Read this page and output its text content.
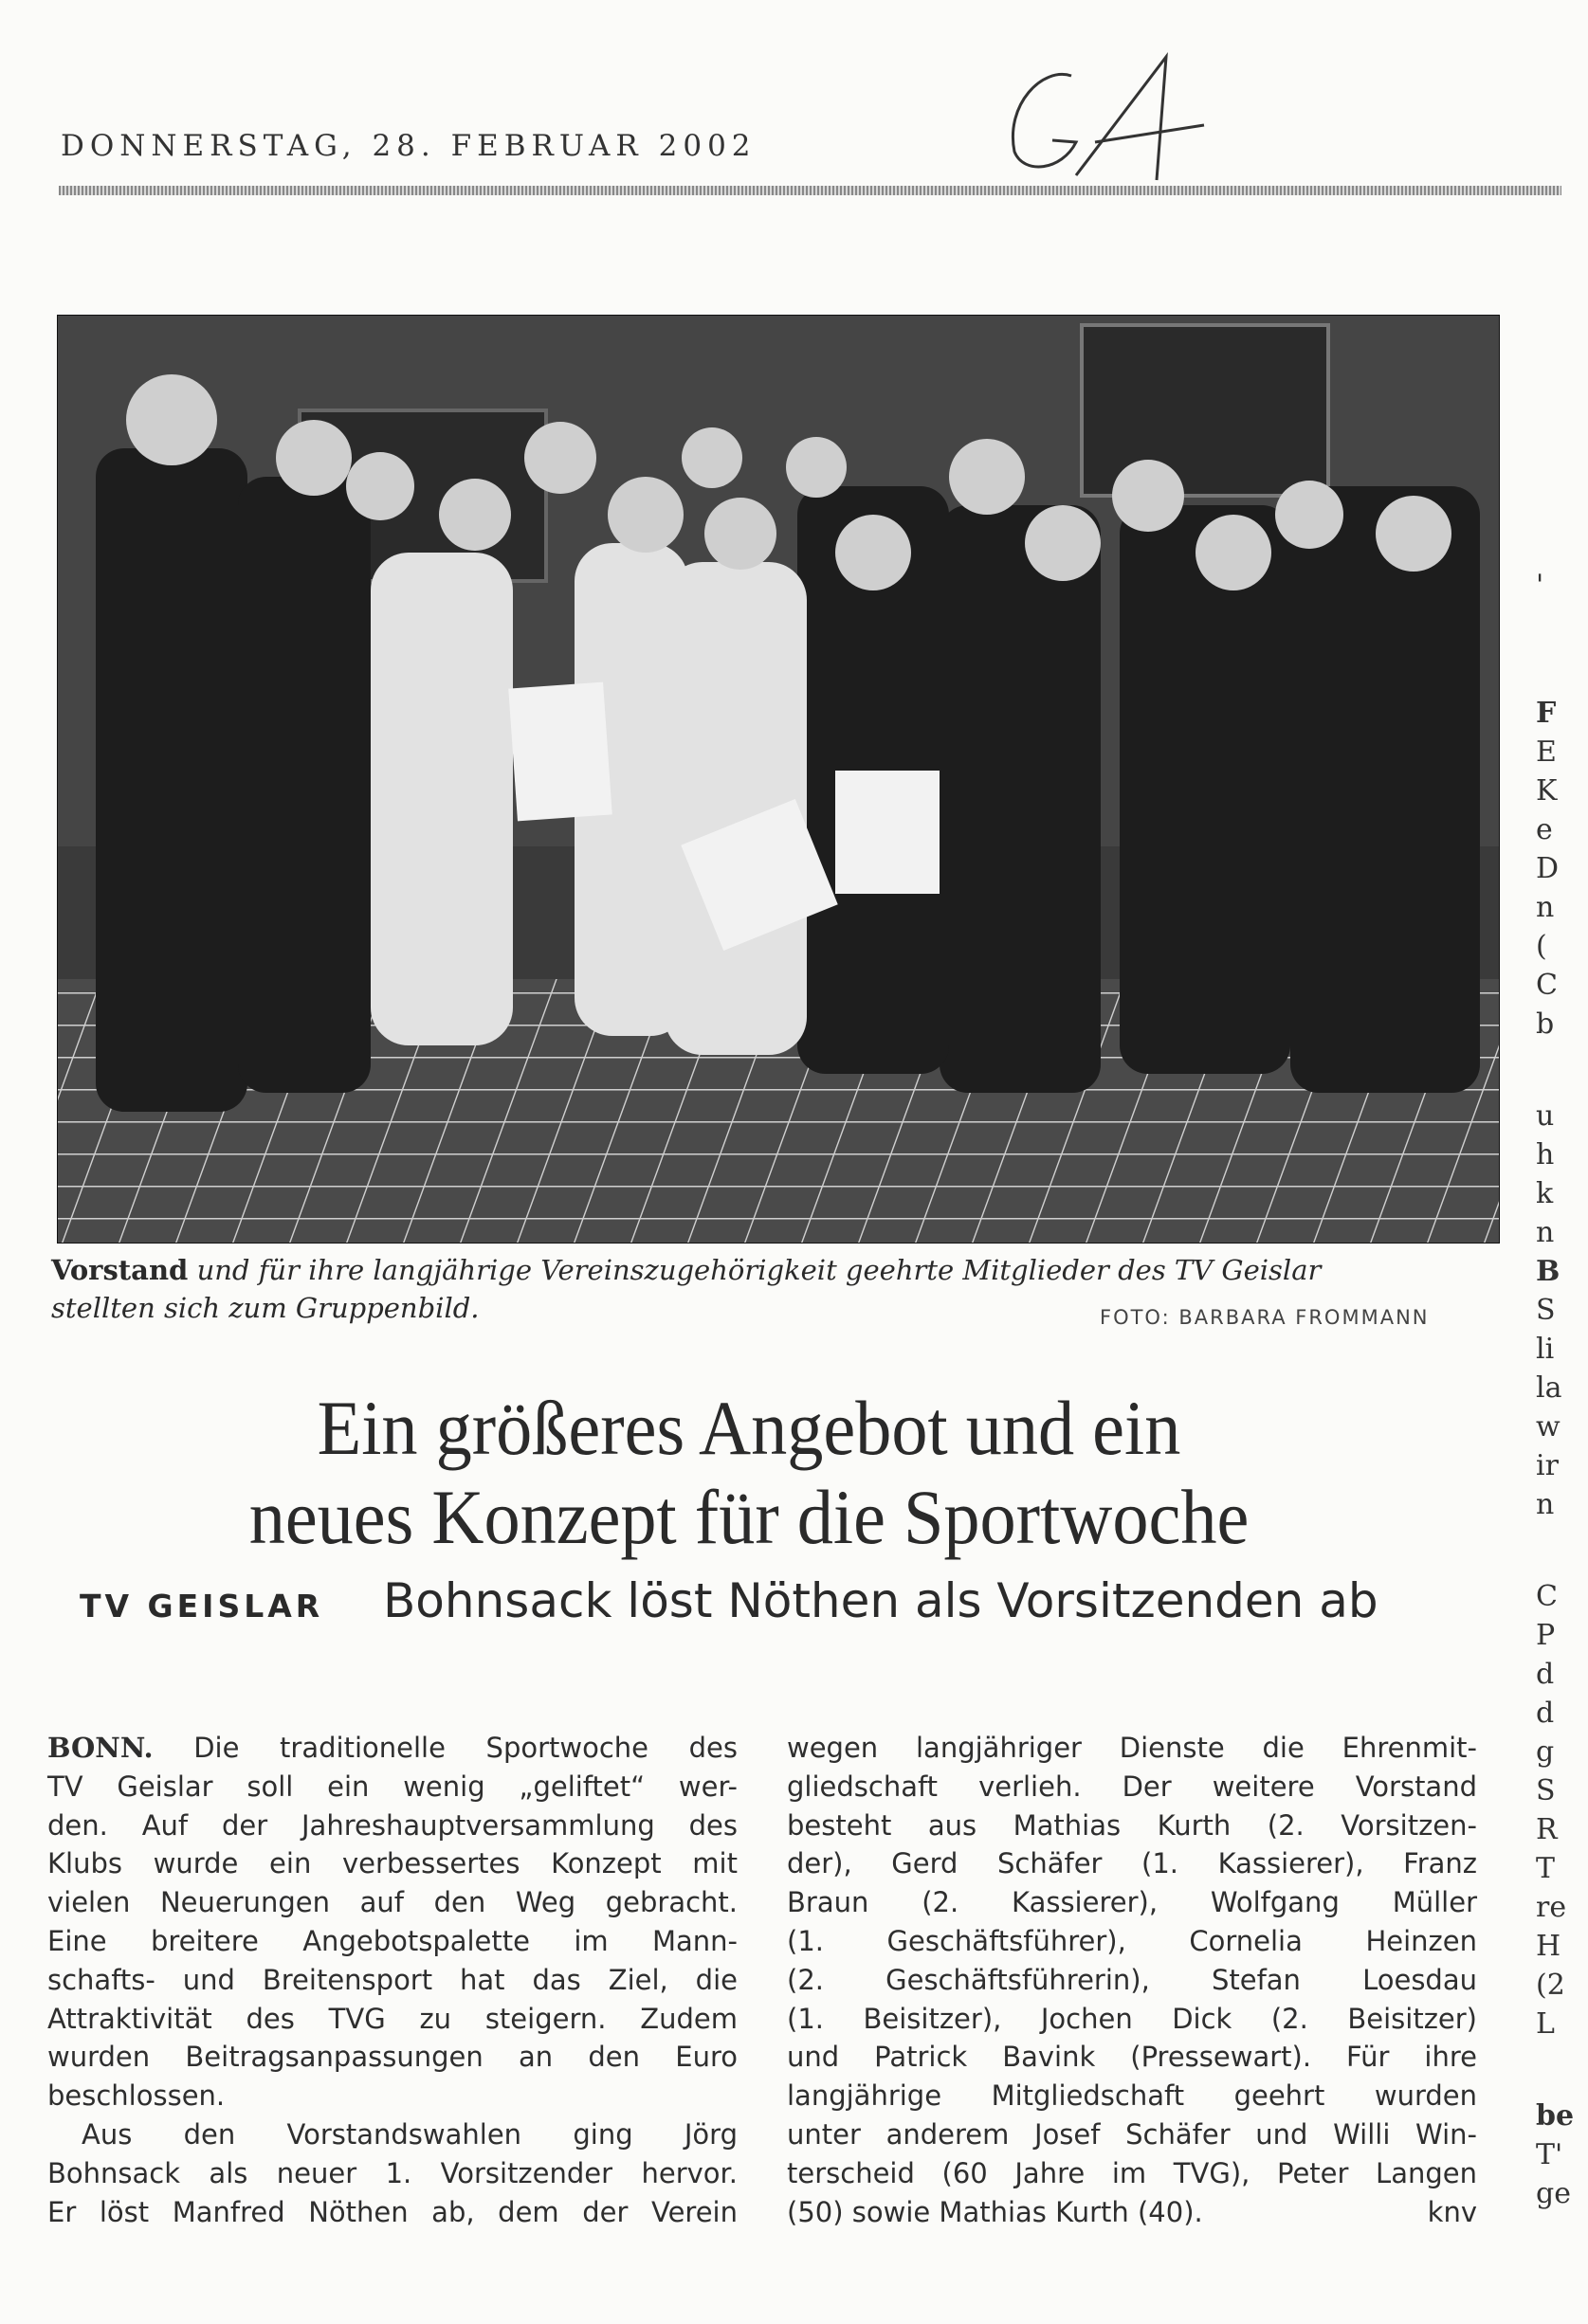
DONNERSTAG, 28. FEBRUAR 2002
Vorstand und für ihre langjährige Vereinszugehörigkeit geehrte Mitglieder des TV Geislar
stellten sich zum Gruppenbild.	FOTO: BARBARA FROMMANN
Ein größeres Angebot und ein
neues Konzept für die Sportwoche
TV GEISLAR Bohnsack löst Nöthen als Vorsitzenden ab

BONN. Die traditionelle Sportwoche des

TV Geislar soll ein wenig „geliftet“ wer-

den. Auf der Jahreshauptversammlung des

Klubs wurde ein verbessertes Konzept mit

vielen Neuerungen auf den Weg gebracht.

Eine breitere Angebotspalette im Mann-

schafts- und Breitensport hat das Ziel, die

Attraktivität des TVG zu steigern. Zudem

wurden Beitragsanpassungen an den Euro

beschlossen.

Aus den Vorstandswahlen ging Jörg

Bohnsack als neuer 1. Vorsitzender hervor.

Er löst Manfred Nöthen ab, dem der Verein

wegen langjähriger Dienste die Ehrenmit-

gliedschaft verlieh. Der weitere Vorstand

besteht aus Mathias Kurth (2. Vorsitzen-

der), Gerd Schäfer (1. Kassierer), Franz

Braun (2. Kassierer), Wolfgang Müller

(1. Geschäftsführer), Cornelia Heinzen

(2. Geschäftsführerin), Stefan Loesdau

(1. Beisitzer), Jochen Dick (2. Beisitzer)

und Patrick Bavink (Pressewart). Für ihre

langjährige Mitgliedschaft geehrt wurden

unter anderem Josef Schäfer und Willi Win-

terscheid (60 Jahre im TVG), Peter Langen

(50) sowie Mathias Kurth (40).	knv

'
F
E
K
e
D
n
(
C
b
u
h
k
n
B
S
li
la
w
ir
n
C
P
d
d
g
S
R
T
re
H
(2
L
be
T'
ge
